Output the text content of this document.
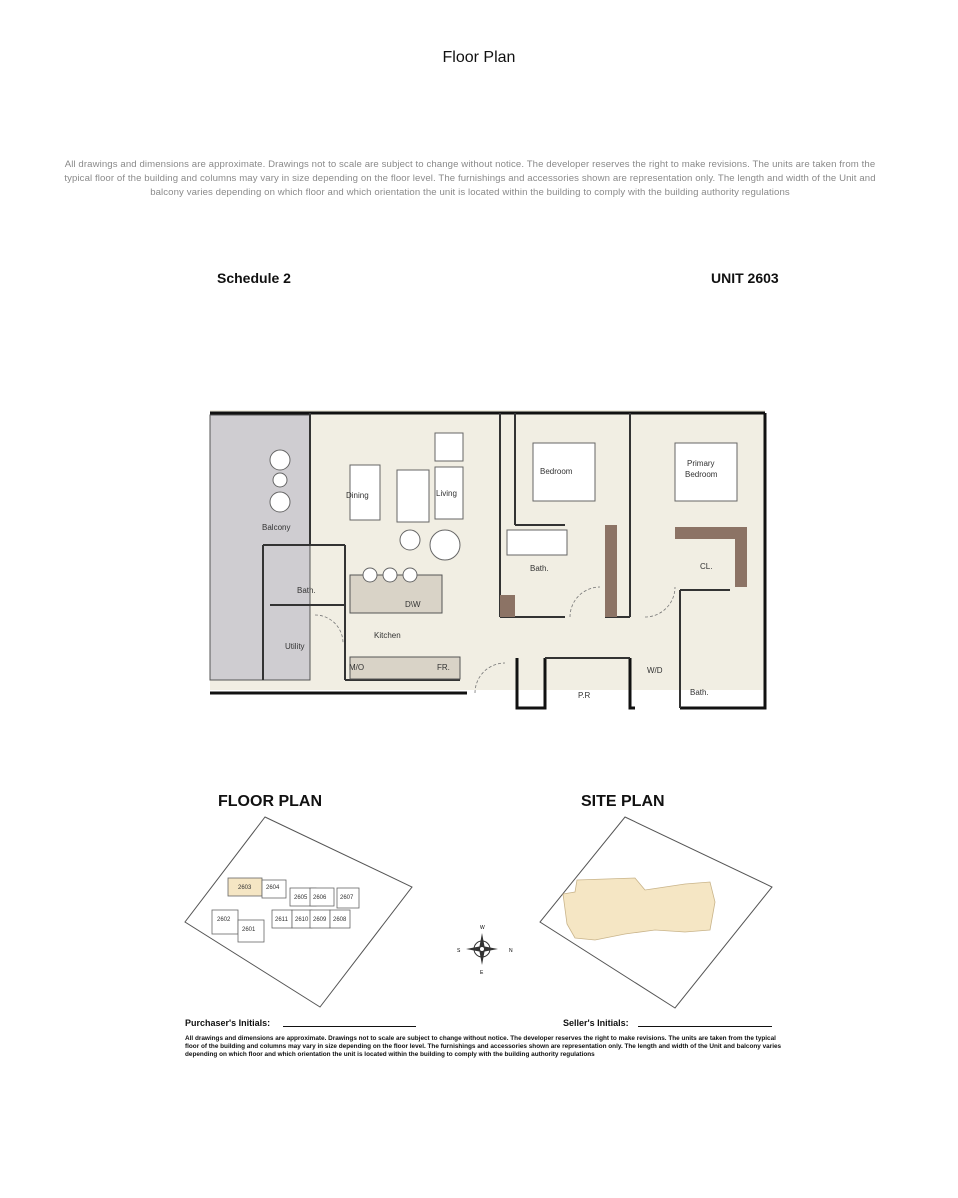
Floor Plan
All drawings and dimensions are approximate. Drawings not to scale are subject to change without notice. The developer reserves the right to make revisions. The units are taken from the typical floor of the building and columns may vary in size depending on the floor level. The furnishings and accessories shown are representation only. The length and width of the Unit and balcony varies depending on which floor and which orientation the unit is located within the building to comply with the building authority regulations
Schedule 2	UNIT 2603
Dining	Living
Balcony
Bath.
Utility
D\W
Kitchen
M/O	FR.
Bedroom
Bath.
Primary
Bedroom
CL.
P.R
W/D
Bath.
FLOOR PLAN	SITE PLAN
2603 2604
2605 2606 2607
2602
2601
2611 2610 2609 2608
W
S	N
E
Purchaser's Initials:	Seller's Initials:
All drawings and dimensions are approximate. Drawings not to scale are subject to change without notice. The developer reserves the right to make revisions. The units are taken from the typical floor of the building and columns may vary in size depending on the floor level. The furnishings and accessories shown are representation only. The length and width of the Unit and balcony varies depending on which floor and which orientation the unit is located within the building to comply with the building authority regulations
